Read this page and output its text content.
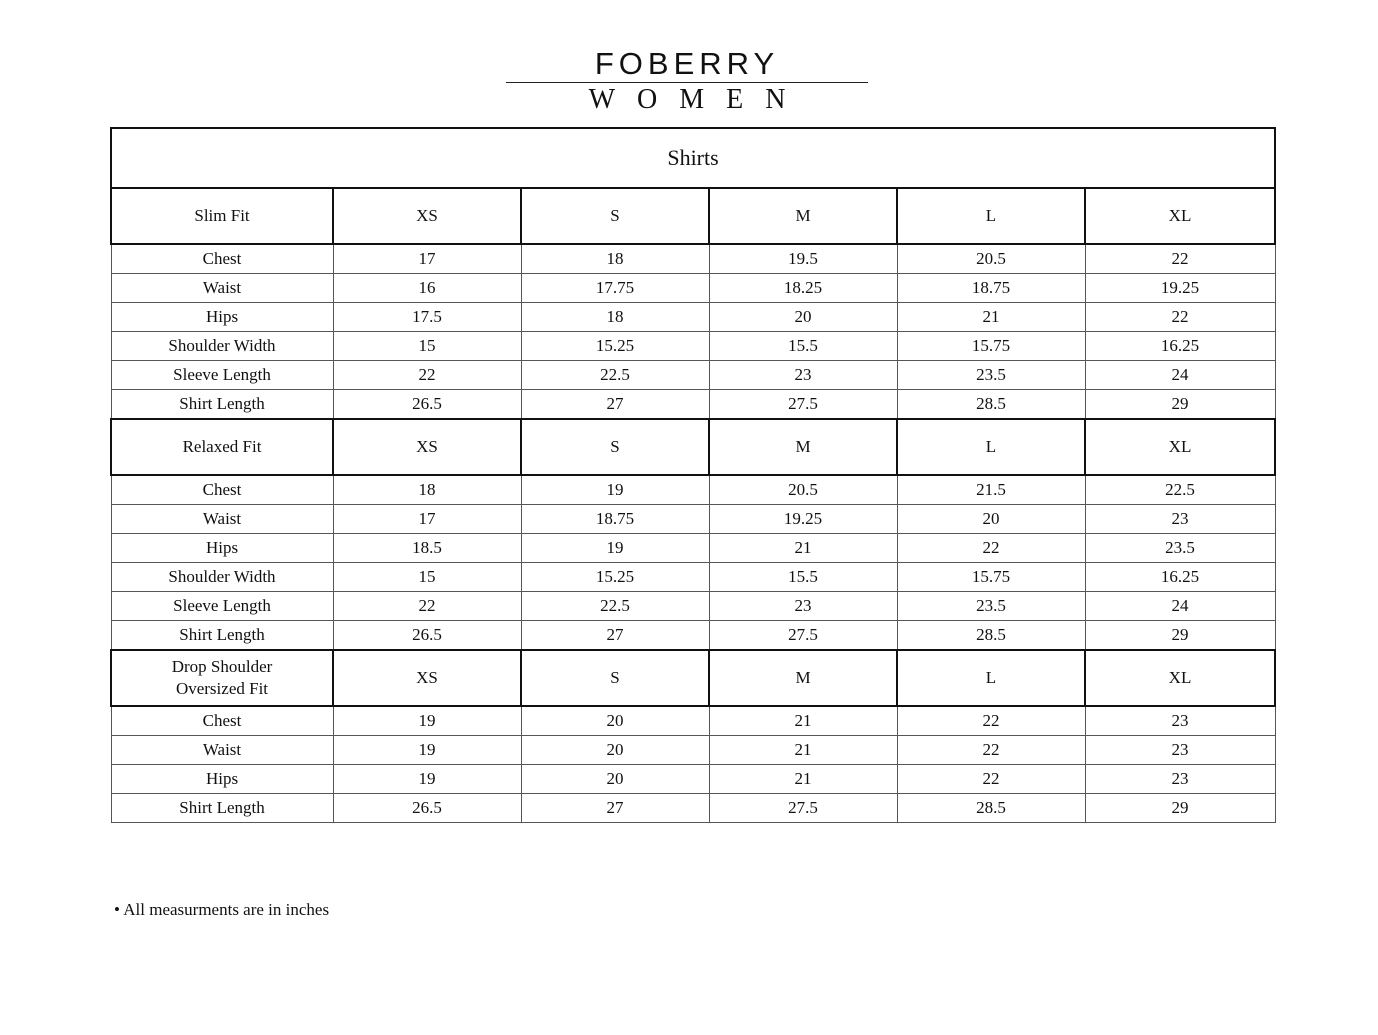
FOBERRY
WOMEN
Shirts					
Slim Fit	XS	S	M	L	XL
Chest	17	18	19.5	20.5	22
Waist	16	17.75	18.25	18.75	19.25
Hips	17.5	18	20	21	22
Shoulder Width	15	15.25	15.5	15.75	16.25
Sleeve Length	22	22.5	23	23.5	24
Shirt Length	26.5	27	27.5	28.5	29
Relaxed Fit	XS	S	M	L	XL
Chest	18	19	20.5	21.5	22.5
Waist	17	18.75	19.25	20	23
Hips	18.5	19	21	22	23.5
Shoulder Width	15	15.25	15.5	15.75	16.25
Sleeve Length	22	22.5	23	23.5	24
Shirt Length	26.5	27	27.5	28.5	29
Drop Shoulder Oversized Fit	XS	S	M	L	XL
Chest	19	20	21	22	23
Waist	19	20	21	22	23
Hips	19	20	21	22	23
Shirt Length	26.5	27	27.5	28.5	29
• All measurments are in inches
